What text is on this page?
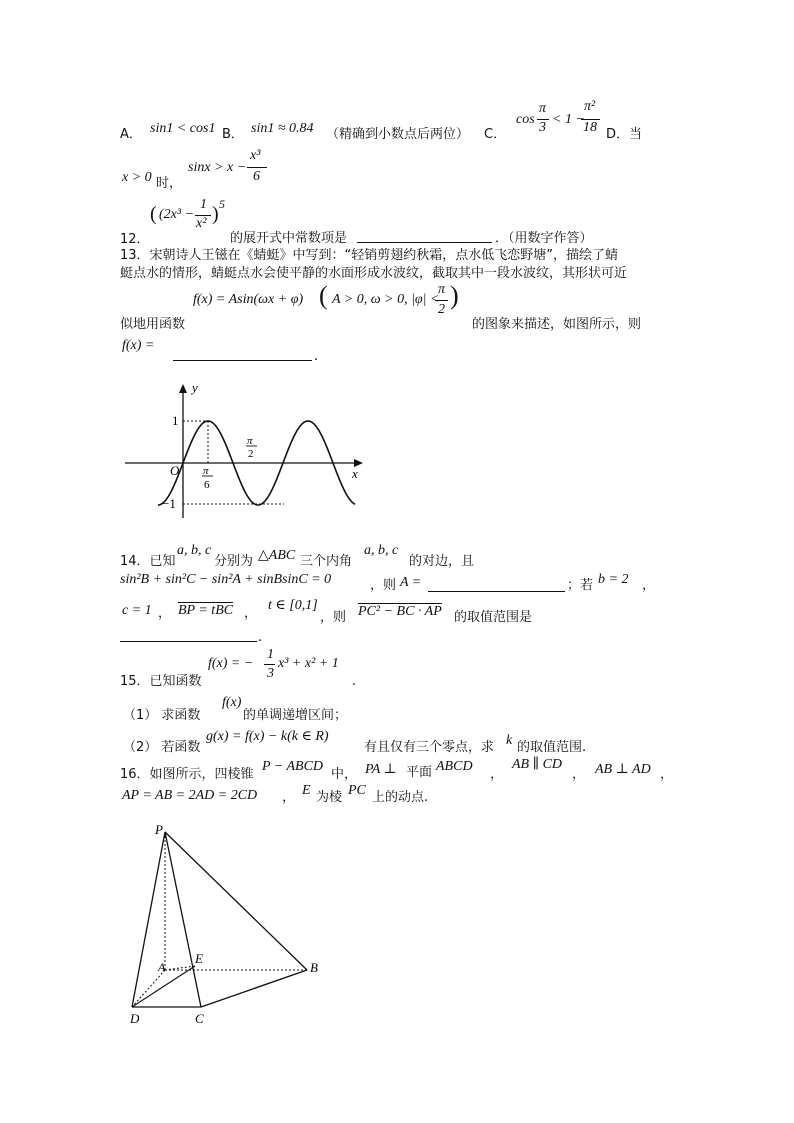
A． sin1 < cos1 B． sin1 ≈ 0.84 （精确到小数点后两位） C．
cos
π
3
< 1 −
π²
18 D．当
x > 0 时，
sinx > x −
x³
6
12．
( (2x³ −
1
x² ) 5
的展开式中常数项是	．（用数字作答）
13．宋朝诗人王镃在《蜻蜓》中写到：“轻销剪翅约秋霜，点水低飞恋野塘”，描绘了蜻
蜓点水的情形，蜻蜓点水会使平静的水面形成水波纹，截取其中一段水波纹，其形状可近
f(x) = Asin(ωx + φ) ( A > 0, ω > 0, |φ| <
π
2 )
似地用函数	的图象来描述，如图所示，则
f(x) =
.
y
x
O
1
−1
π
6
π
2
14．已知
a, b, c
分别为 △ABC 三个内角
a, b, c
的对边，且
sin²B + sin²C − sin²A + sinBsinC = 0	，则 A =	；若 b = 2 ，
c = 1 ， BP = tBC ，
t ∈ [0,1]
，则 PC² − BC · AP 的取值范围是
.
15．已知函数
f(x) = −
1
3
x³ + x² + 1
.
（1） 求函数
f(x)
的单调递增区间；
（2） 若函数
g(x) = f(x) − k(k ∈ R)
有且仅有三个零点，求 k 的取值范围.
16．如图所示，四棱锥
P − ABCD
中， PA ⊥ 平面 ABCD
，
AB ∥ CD
， AB ⊥ AD ，
AP = AB = 2AD = 2CD ， E 为棱 PC 上的动点.
P
A	B
C
D
E
